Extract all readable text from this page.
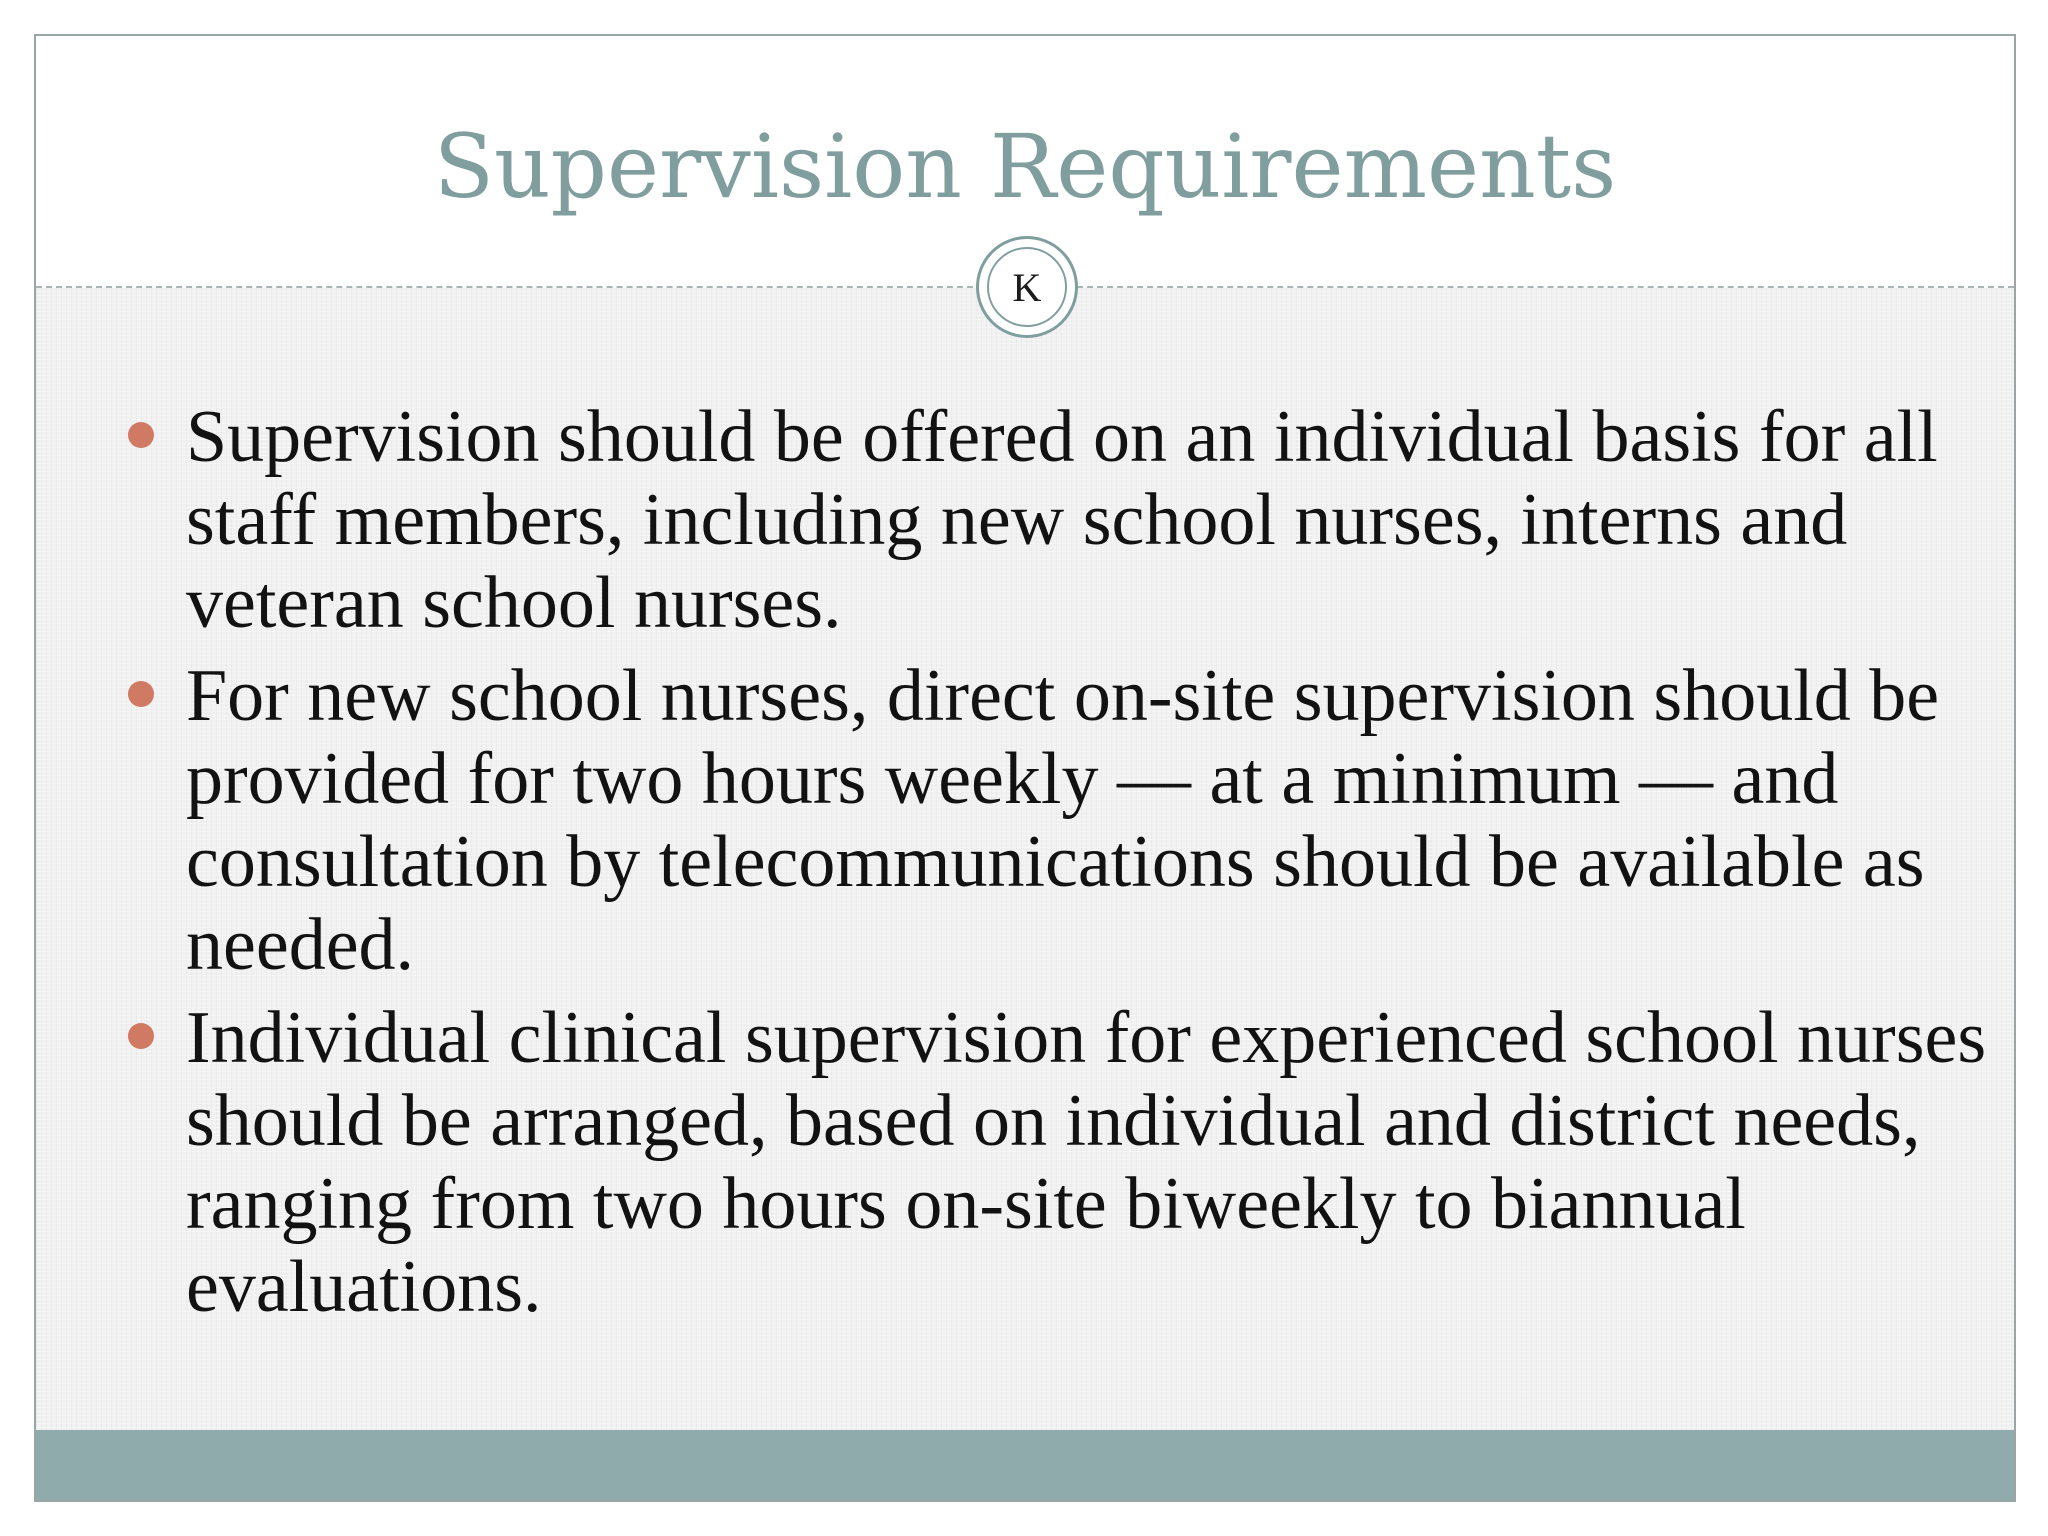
Supervision Requirements
Supervision should be offered on an individual basis for all staff members, including new school nurses, interns and veteran school nurses.
For new school nurses, direct on-site supervision should be provided for two hours weekly — at a minimum — and consultation by telecommunications should be available as needed.
Individual clinical supervision for experienced school nurses should be arranged, based on individual and district needs, ranging from two hours on-site biweekly to biannual evaluations.
K
